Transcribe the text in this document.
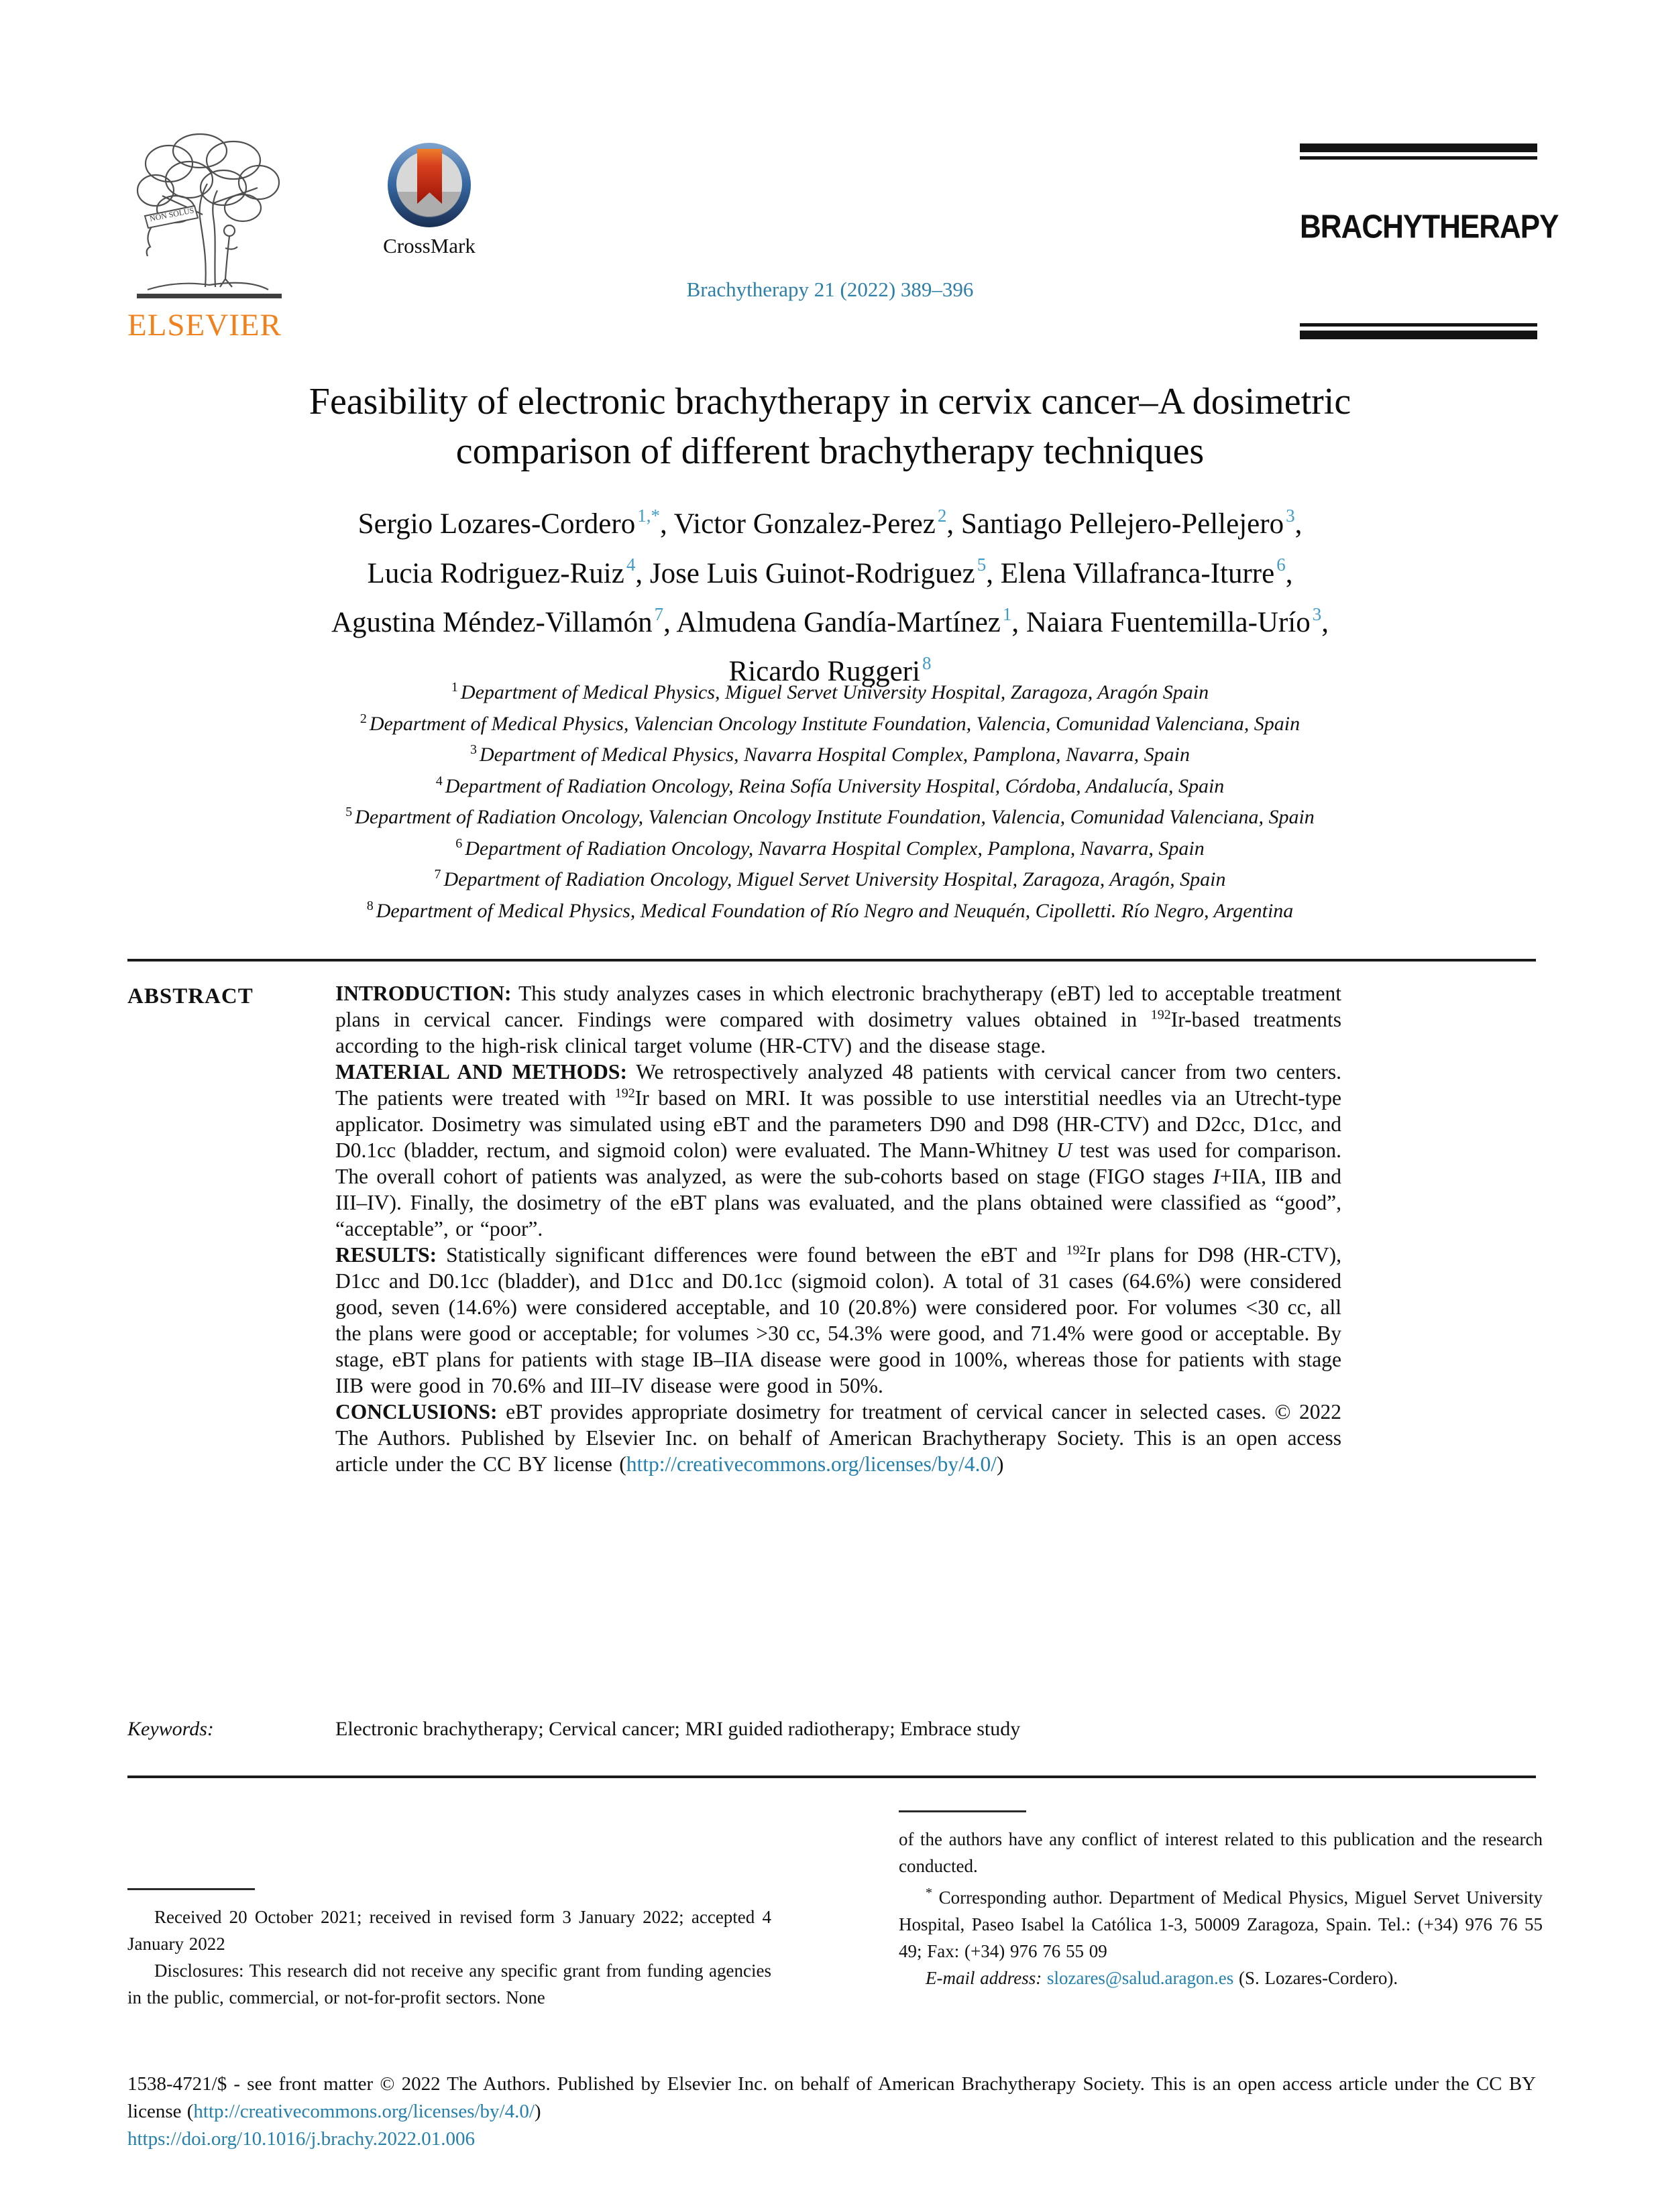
NON SOLUS
ELSEVIER
CrossMark
Brachytherapy 21 (2022) 389–396
BRACHYTHERAPY
Feasibility of electronic brachytherapy in cervix cancer–A dosimetric
comparison of different brachytherapy techniques
Sergio Lozares-Cordero $^{1,*}$, Victor Gonzalez-Perez $^2$, Santiago Pellejero-Pellejero $^3$,
Lucia Rodriguez-Ruiz $^4$, Jose Luis Guinot-Rodriguez $^5$, Elena Villafranca-Iturre $^6$,
Agustina Méndez-Villamón $^7$, Almudena Gandía-Martínez $^1$, Naiara Fuentemilla-Urío $^3$,
Ricardo Ruggeri $^8$
$^1$ Department of Medical Physics, Miguel Servet University Hospital, Zaragoza, Aragón Spain
$^2$ Department of Medical Physics, Valencian Oncology Institute Foundation, Valencia, Comunidad Valenciana, Spain
$^3$ Department of Medical Physics, Navarra Hospital Complex, Pamplona, Navarra, Spain
$^4$ Department of Radiation Oncology, Reina Sofía University Hospital, Córdoba, Andalucía, Spain
$^5$ Department of Radiation Oncology, Valencian Oncology Institute Foundation, Valencia, Comunidad Valenciana, Spain
$^6$ Department of Radiation Oncology, Navarra Hospital Complex, Pamplona, Navarra, Spain
$^7$ Department of Radiation Oncology, Miguel Servet University Hospital, Zaragoza, Aragón, Spain
$^8$ Department of Medical Physics, Medical Foundation of Río Negro and Neuquén, Cipolletti. Río Negro, Argentina
ABSTRACT	INTRODUCTION: This study analyzes cases in which electronic brachytherapy (eBT) led to acceptable treatment plans in cervical cancer. Findings were compared with dosimetry values obtained in $^{192}$Ir-based treatments according to the high-risk clinical target volume (HR-CTV) and the disease stage.

MATERIAL AND METHODS: We retrospectively analyzed 48 patients with cervical cancer from two centers. The patients were treated with $^{192}$Ir based on MRI. It was possible to use interstitial needles via an Utrecht-type applicator. Dosimetry was simulated using eBT and the parameters D90 and D98 (HR-CTV) and D2cc, D1cc, and D0.1cc (bladder, rectum, and sigmoid colon) were evaluated. The Mann-Whitney U test was used for comparison. The overall cohort of patients was analyzed, as were the sub-cohorts based on stage (FIGO stages I+IIA, IIB and III–IV). Finally, the dosimetry of the eBT plans was evaluated, and the plans obtained were classified as “good”, “acceptable”, or “poor”.

RESULTS: Statistically significant differences were found between the eBT and $^{192}$Ir plans for D98 (HR-CTV), D1cc and D0.1cc (bladder), and D1cc and D0.1cc (sigmoid colon). A total of 31 cases (64.6%) were considered good, seven (14.6%) were considered acceptable, and 10 (20.8%) were considered poor. For volumes <30 cc, all the plans were good or acceptable; for volumes >30 cc, 54.3% were good, and 71.4% were good or acceptable. By stage, eBT plans for patients with stage IB–IIA disease were good in 100%, whereas those for patients with stage IIB were good in 70.6% and III–IV disease were good in 50%.

CONCLUSIONS: eBT provides appropriate dosimetry for treatment of cervical cancer in selected cases. © 2022 The Authors. Published by Elsevier Inc. on behalf of American Brachytherapy Society. This is an open access article under the CC BY license (http://creativecommons.org/licenses/by/4.0/)

Keywords:	Electronic brachytherapy; Cervical cancer; MRI guided radiotherapy; Embrace study

Received 20 October 2021; received in revised form 3 January 2022; accepted 4 January 2022

Disclosures: This research did not receive any specific grant from funding agencies in the public, commercial, or not-for-profit sectors. None

of the authors have any conflict of interest related to this publication and the research conducted.

* Corresponding author. Department of Medical Physics, Miguel Servet University Hospital, Paseo Isabel la Católica 1-3, 50009 Zaragoza, Spain. Tel.: (+34) 976 76 55 49; Fax: (+34) 976 76 55 09

E-mail address: slozares@salud.aragon.es (S. Lozares-Cordero).

1538-4721/$ - see front matter © 2022 The Authors. Published by Elsevier Inc. on behalf of American Brachytherapy Society. This is an open access article under the CC BY license (http://creativecommons.org/licenses/by/4.0/)

https://doi.org/10.1016/j.brachy.2022.01.006
